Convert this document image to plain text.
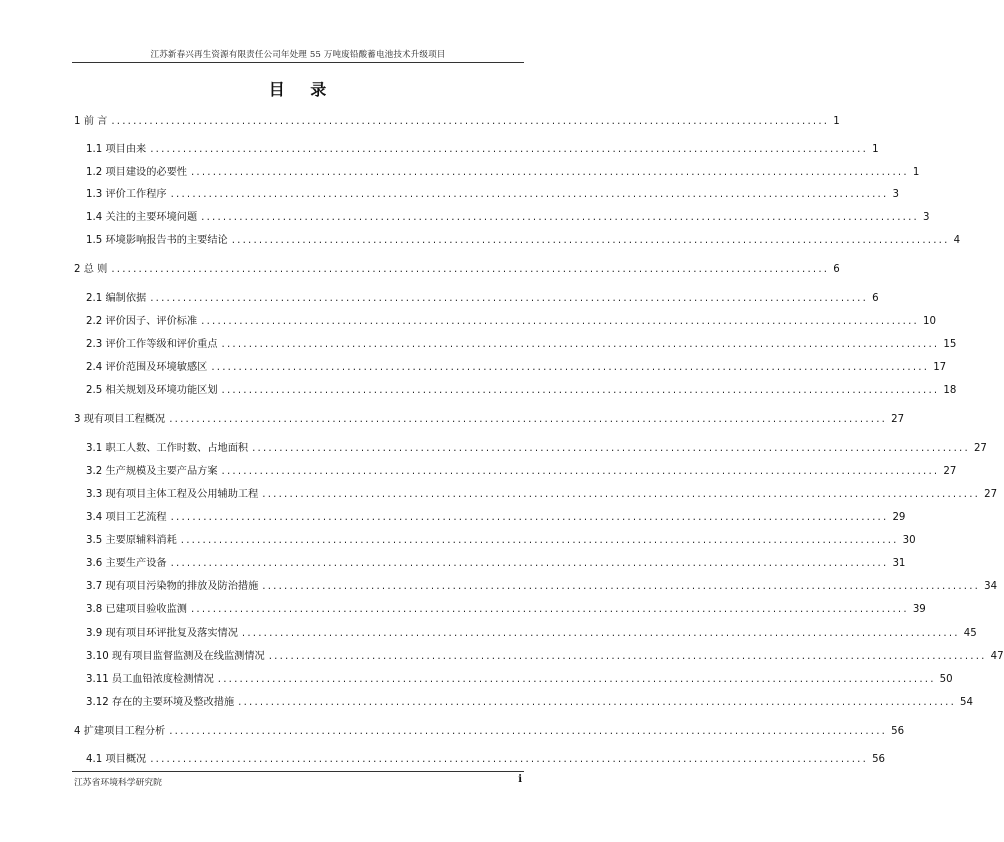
江苏新春兴再生资源有限责任公司年处理 55 万吨废铅酸蓄电池技术升级项目
目 录
1 前 言 .................................................................................................................................... 1
1.1 项目由来 .................................................................................................................................... 1
1.2 项目建设的必要性 .................................................................................................................................... 1
1.3 评价工作程序 .................................................................................................................................... 3
1.4 关注的主要环境问题 .................................................................................................................................... 3
1.5 环境影响报告书的主要结论 .................................................................................................................................... 4
2 总 则 .................................................................................................................................... 6
2.1 编制依据 .................................................................................................................................... 6
2.2 评价因子、评价标准 .................................................................................................................................... 10
2.3 评价工作等级和评价重点 .................................................................................................................................... 15
2.4 评价范围及环境敏感区 .................................................................................................................................... 17
2.5 相关规划及环境功能区划 .................................................................................................................................... 18
3 现有项目工程概况 .................................................................................................................................... 27
3.1 职工人数、工作时数、占地面积 .................................................................................................................................... 27
3.2 生产规模及主要产品方案 .................................................................................................................................... 27
3.3 现有项目主体工程及公用辅助工程 .................................................................................................................................... 27
3.4 项目工艺流程 .................................................................................................................................... 29
3.5 主要原辅料消耗 .................................................................................................................................... 30
3.6 主要生产设备 .................................................................................................................................... 31
3.7 现有项目污染物的排放及防治措施 .................................................................................................................................... 34
3.8 已建项目验收监测 .................................................................................................................................... 39
3.9 现有项目环评批复及落实情况 .................................................................................................................................... 45
3.10 现有项目监督监测及在线监测情况 .................................................................................................................................... 47
3.11 员工血铅浓度检测情况 .................................................................................................................................... 50
3.12 存在的主要环境及整改措施 .................................................................................................................................... 54
4 扩建项目工程分析 .................................................................................................................................... 56
4.1 项目概况 .................................................................................................................................... 56
江苏省环境科学研究院	i
